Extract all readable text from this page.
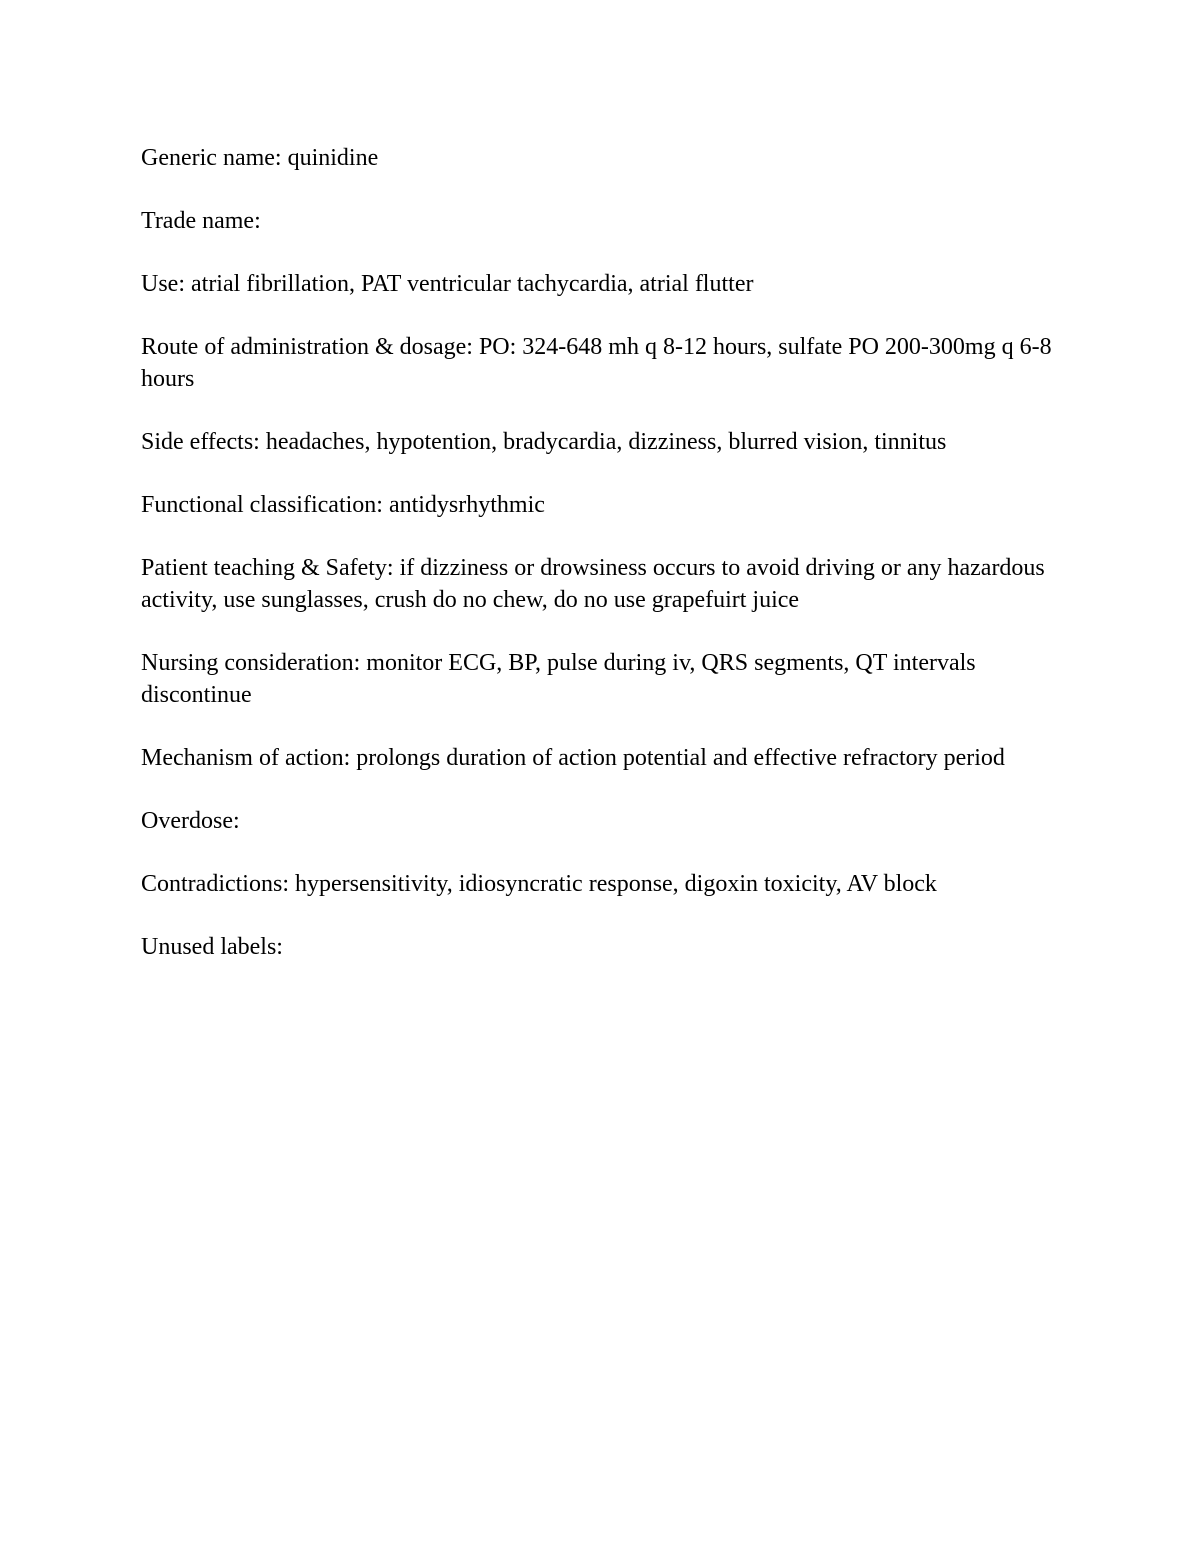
Generic name: quinidine

Trade name:

Use: atrial fibrillation, PAT ventricular tachycardia, atrial flutter

Route of administration & dosage: PO: 324-648 mh q 8-12 hours, sulfate PO 200-300mg q 6-8 hours

Side effects: headaches, hypotention, bradycardia, dizziness, blurred vision, tinnitus

Functional classification: antidysrhythmic

Patient teaching & Safety: if dizziness or drowsiness occurs to avoid driving or any hazardous activity, use sunglasses, crush do no chew, do no use grapefuirt juice

Nursing consideration: monitor ECG, BP, pulse during iv, QRS segments, QT intervals discontinue

Mechanism of action: prolongs duration of action potential and effective refractory period

Overdose:

Contradictions: hypersensitivity, idiosyncratic response, digoxin toxicity, AV block

Unused labels:
